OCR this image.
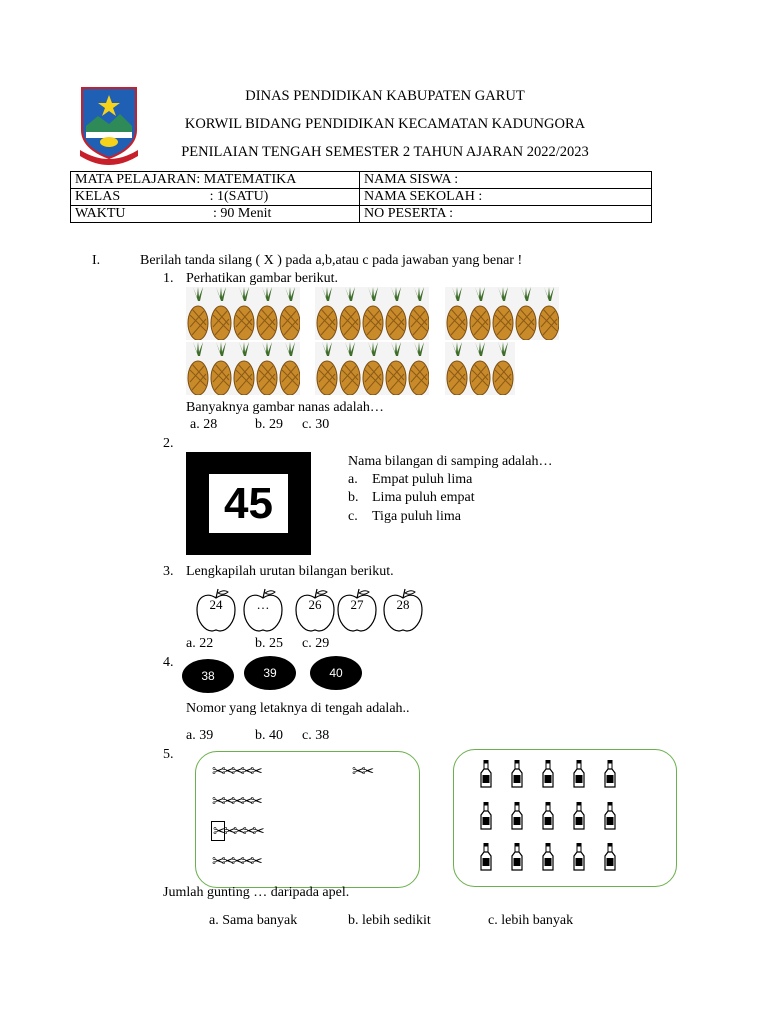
DINAS PENDIDIKAN KABUPATEN GARUT
KORWIL BIDANG PENDIDIKAN KECAMATAN KADUNGORA
PENILAIAN TENGAH SEMESTER 2 TAHUN AJARAN 2022/2023
MATA PELAJARAN: MATEMATIKA	NAMA SISWA :
KELAS : 1(SATU)	NAMA SEKOLAH :
WAKTU : 90 Menit	NO PESERTA :
I.	Berilah tanda silang ( X ) pada a,b,atau c pada jawaban yang benar !
1. Perhatikan gambar berikut.
Banyaknya gambar nanas adalah…
a. 28	b. 29 c. 30
2.
45
Nama bilangan di samping adalah…
a. Empat puluh lima
b. Lima puluh empat
c. Tiga puluh lima
3. Lengkapilah urutan bilangan berikut.
24	…	26	27	28
a. 22	b. 25 c. 29
4.
38	39	40
Nomor yang letaknya di tengah adalah..
a. 39	b. 40 c. 38
5.
✂✂✂✂✂	✂✂
✂✂✂✂✂
✂✂✂✂✂
✂✂✂✂✂
Jumlah gunting … daripada apel.
a. Sama banyak	b. lebih sedikit	c. lebih banyak
